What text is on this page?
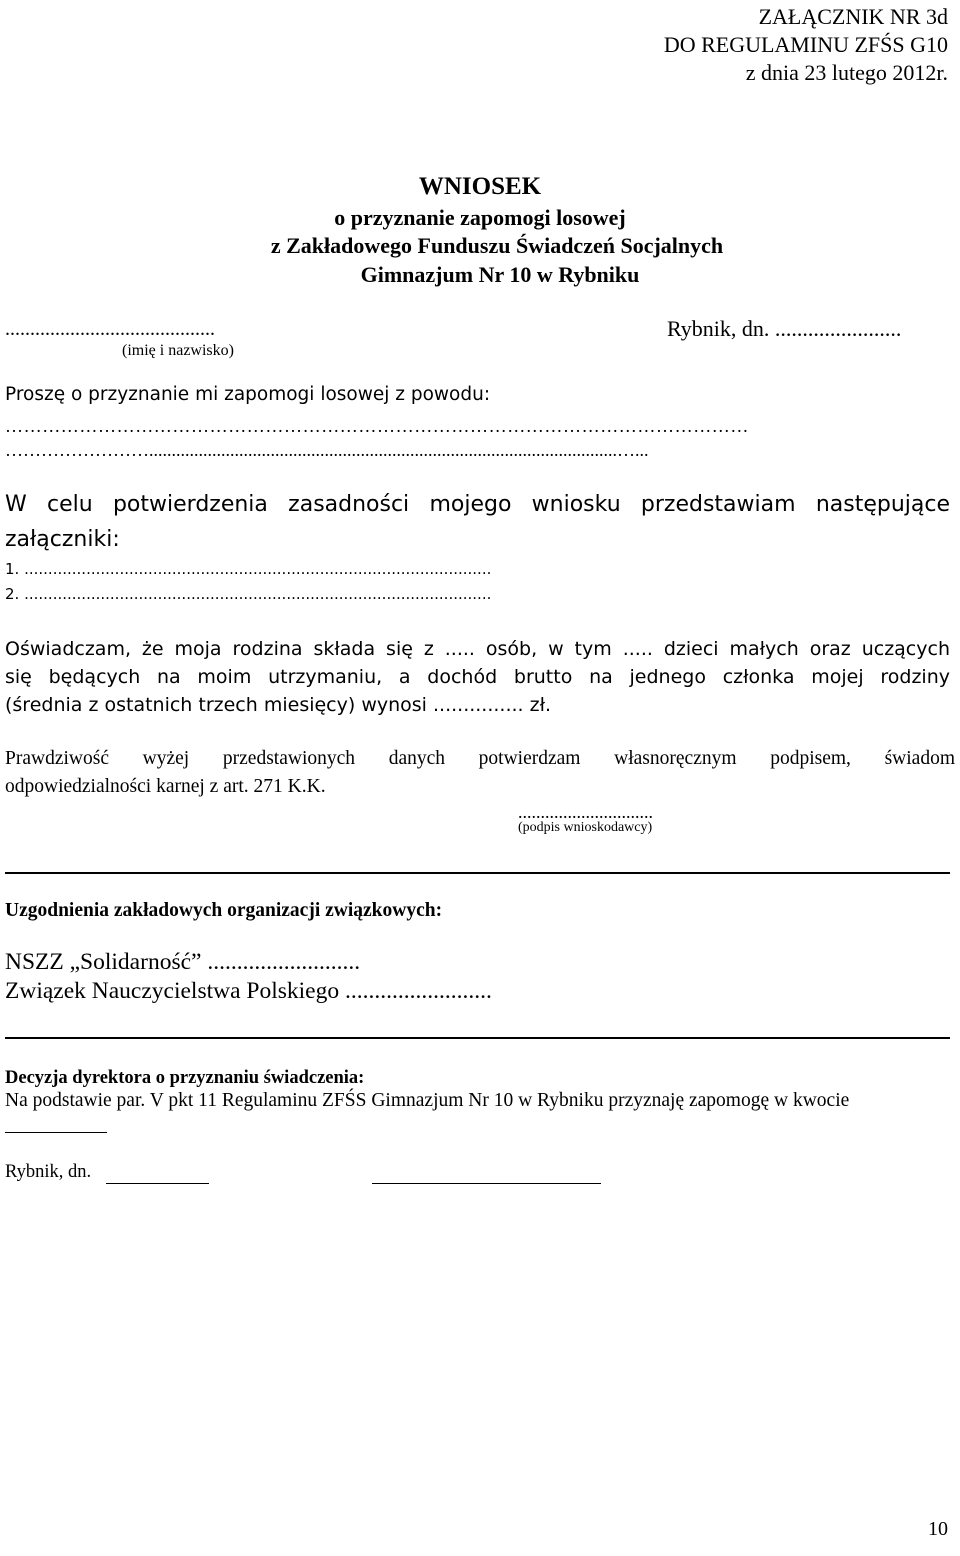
ZAŁĄCZNIK NR 3d
DO REGULAMINU ZFŚS G10
z dnia 23 lutego 2012r.
WNIOSEK
o przyznanie zapomogi losowej
z Zakładowego Funduszu Świadczeń Socjalnych
Gimnazjum Nr 10 w Rybniku
..........................................
(imię i nazwisko)
Rybnik, dn. .......................
Proszę o przyznanie mi zapomogi losowej z powodu:
…………………………………………………………………………………………………………
……………………........................................................................................................…...
W celu potwierdzenia zasadności mojego wniosku przedstawiam następujące
załączniki:
1. ..................................................................................................
2. ..................................................................................................
Oświadczam, że moja rodzina składa się z ..... osób, w tym ..... dzieci małych oraz uczących
się będących na moim utrzymaniu, a dochód brutto na jednego członka mojej rodziny
(średnia z ostatnich trzech miesięcy) wynosi ............... zł.
Prawdziwość wyżej przedstawionych danych potwierdzam własnoręcznym podpisem, świadom
odpowiedzialności karnej z art. 271 K.K.
..............................
(podpis wnioskodawcy)
Uzgodnienia zakładowych organizacji związkowych:
NSZZ „Solidarność” ..........................
Związek Nauczycielstwa Polskiego .........................
Decyzja dyrektora o przyznaniu świadczenia:
Na podstawie par. V pkt 11 Regulaminu ZFŚS Gimnazjum Nr 10 w Rybniku przyznaję zapomogę w kwocie
Rybnik, dn.
10
